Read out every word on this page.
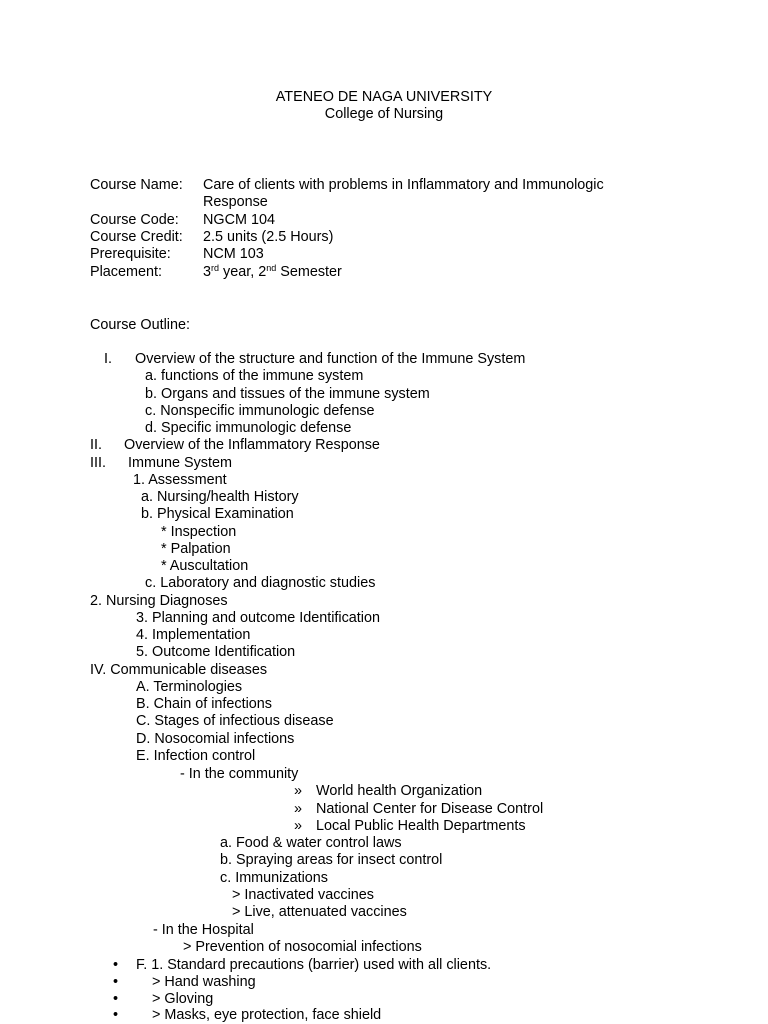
ATENEO DE NAGA UNIVERSITY
College of Nursing
Course Name: Care of clients with problems in Inflammatory and Immunologic
Response
Course Code: NGCM 104
Course Credit: 2.5 units (2.5 Hours)
Prerequisite: NCM 103
Placement:	3rd year, 2nd Semester
Course Outline:
I. Overview of the structure and function of the Immune System
a. functions of the immune system
b. Organs and tissues of the immune system
c. Nonspecific immunologic defense
d. Specific immunologic defense
II. Overview of the Inflammatory Response
III. Immune System
1. Assessment
a. Nursing/health History
b. Physical Examination
* Inspection
* Palpation
* Auscultation
c. Laboratory and diagnostic studies
2. Nursing Diagnoses
3. Planning and outcome Identification
4. Implementation
5. Outcome Identification
IV. Communicable diseases
A. Terminologies
B. Chain of infections
C. Stages of infectious disease
D. Nosocomial infections
E. Infection control
- In the community
» World health Organization
» National Center for Disease Control
» Local Public Health Departments
a. Food & water control laws
b. Spraying areas for insect control
c. Immunizations
> Inactivated vaccines
> Live, attenuated vaccines
- In the Hospital
> Prevention of nosocomial infections
• F. 1. Standard precautions (barrier) used with all clients.
• > Hand washing
• > Gloving
• > Masks, eye protection, face shield
